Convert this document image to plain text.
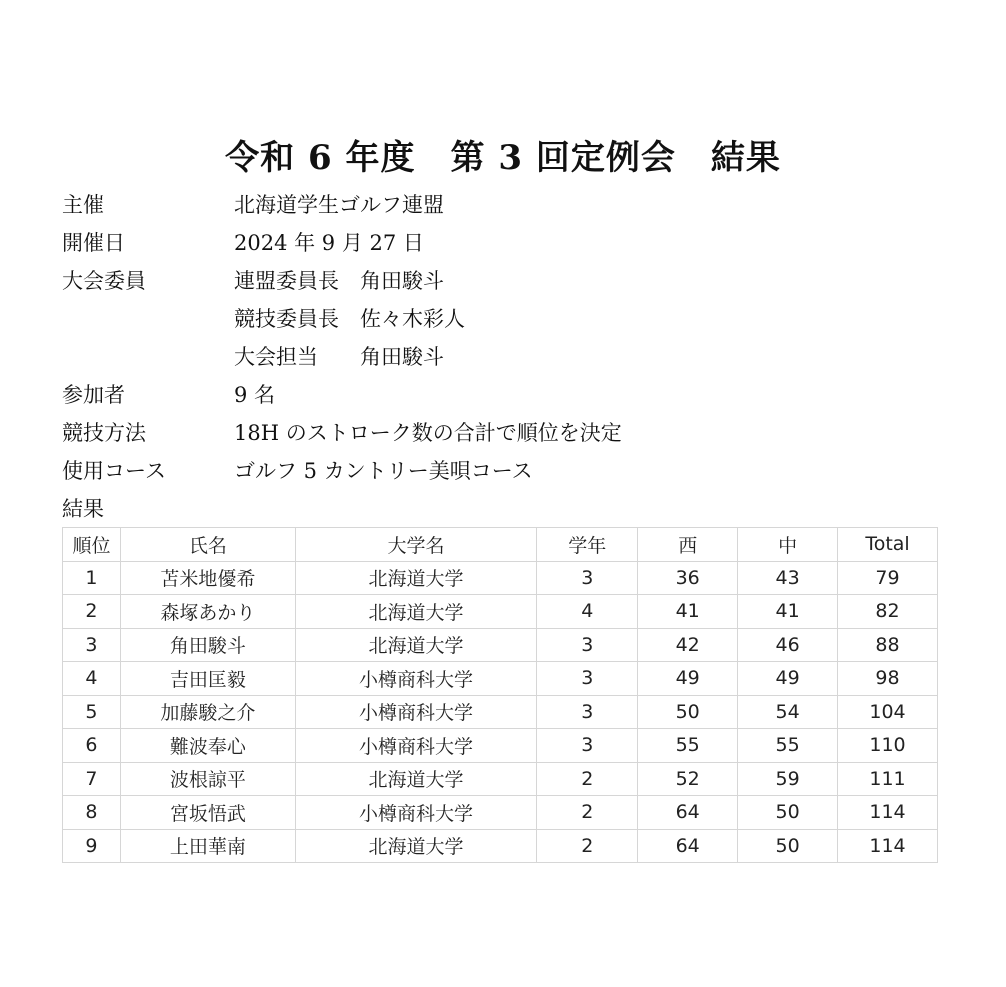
令和 6 年度　第 3 回定例会　結果
主催	北海道学生ゴルフ連盟
開催日	2024 年 9 月 27 日
大会委員	連盟委員長　角田駿斗
競技委員長　佐々木彩人
大会担当　　角田駿斗
参加者	9 名
競技方法	18H のストローク数の合計で順位を決定
使用コース	ゴルフ 5 カントリー美唄コース
結果
順位	氏名	大学名	学年	西	中	Total
1	苫米地優希	北海道大学	3	36	43	79
2	森塚あかり	北海道大学	4	41	41	82
3	角田駿斗	北海道大学	3	42	46	88
4	吉田匡毅	小樽商科大学	3	49	49	98
5	加藤駿之介	小樽商科大学	3	50	54	104
6	難波奉心	小樽商科大学	3	55	55	110
7	波根諒平	北海道大学	2	52	59	111
8	宮坂悟武	小樽商科大学	2	64	50	114
9	上田華南	北海道大学	2	64	50	114
